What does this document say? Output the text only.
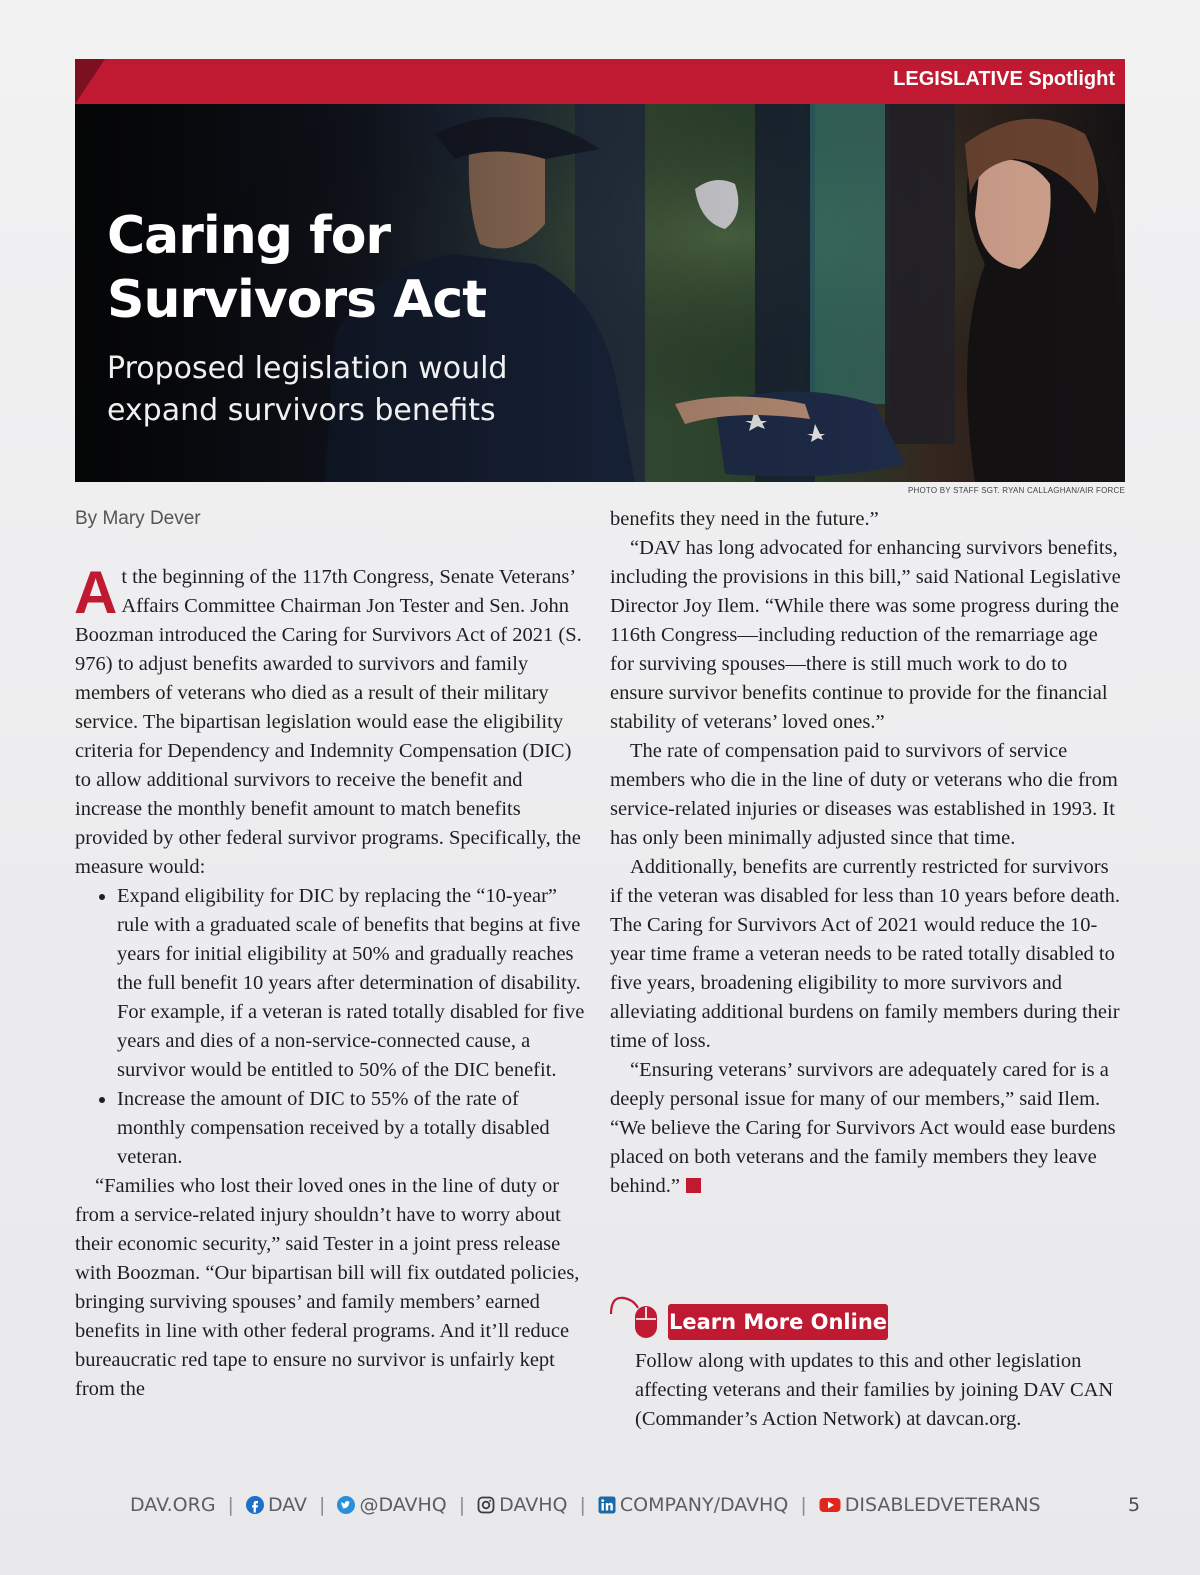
LEGISLATIVE Spotlight
Caring for Survivors Act

Proposed legislation would expand survivors benefits

PHOTO BY STAFF SGT. RYAN CALLAGHAN/AIR FORCE
By Mary Dever

At the beginning of the 117th Congress, Senate Veterans’ Affairs Committee Chairman Jon Tester and Sen. John Boozman introduced the Caring for Survivors Act of 2021 (S. 976) to adjust benefits awarded to survivors and family members of veterans who died as a result of their military service. The bipartisan legislation would ease the eligibility criteria for Dependency and Indemnity Compensation (DIC) to allow additional survivors to receive the benefit and increase the monthly benefit amount to match benefits provided by other federal survivor programs. Specifically, the measure would:

Expand eligibility for DIC by replacing the “10-year” rule with a graduated scale of benefits that begins at five years for initial eligibility at 50% and gradually reaches the full benefit 10 years after determination of disability. For example, if a veteran is rated totally disabled for five years and dies of a non-service-connected cause, a survivor would be entitled to 50% of the DIC benefit.
Increase the amount of DIC to 55% of the rate of monthly compensation received by a totally disabled veteran.

“Families who lost their loved ones in the line of duty or from a service-related injury shouldn’t have to worry about their economic security,” said Tester in a joint press release with Boozman. “Our bipartisan bill will fix outdated policies, bringing surviving spouses’ and family members’ earned benefits in line with other federal programs. And it’ll reduce bureaucratic red tape to ensure no survivor is unfairly kept from the

benefits they need in the future.”

“DAV has long advocated for enhancing survivors benefits, including the provisions in this bill,” said National Legislative Director Joy Ilem. “While there was some progress during the 116th Congress—including reduction of the remarriage age for surviving spouses—there is still much work to do to ensure survivor benefits continue to provide for the financial stability of veterans’ loved ones.”

The rate of compensation paid to survivors of service members who die in the line of duty or veterans who die from service-related injuries or diseases was established in 1993. It has only been minimally adjusted since that time.

Additionally, benefits are currently restricted for survivors if the veteran was disabled for less than 10 years before death. The Caring for Survivors Act of 2021 would reduce the 10-year time frame a veteran needs to be rated totally disabled to five years, broadening eligibility to more survivors and alleviating additional burdens on family members during their time of loss.

“Ensuring veterans’ survivors are adequately cared for is a deeply personal issue for many of our members,” said Ilem. “We believe the Caring for Survivors Act would ease burdens placed on both veterans and the family members they leave behind.”

Learn More Online

Follow along with updates to this and other legislation affecting veterans and their families by joining DAV CAN (Commander’s Action Network) at davcan.org.

DAV.ORG | DAV | @DAVHQ | DAVHQ | COMPANY/DAVHQ | DISABLEDVETERANS	5
